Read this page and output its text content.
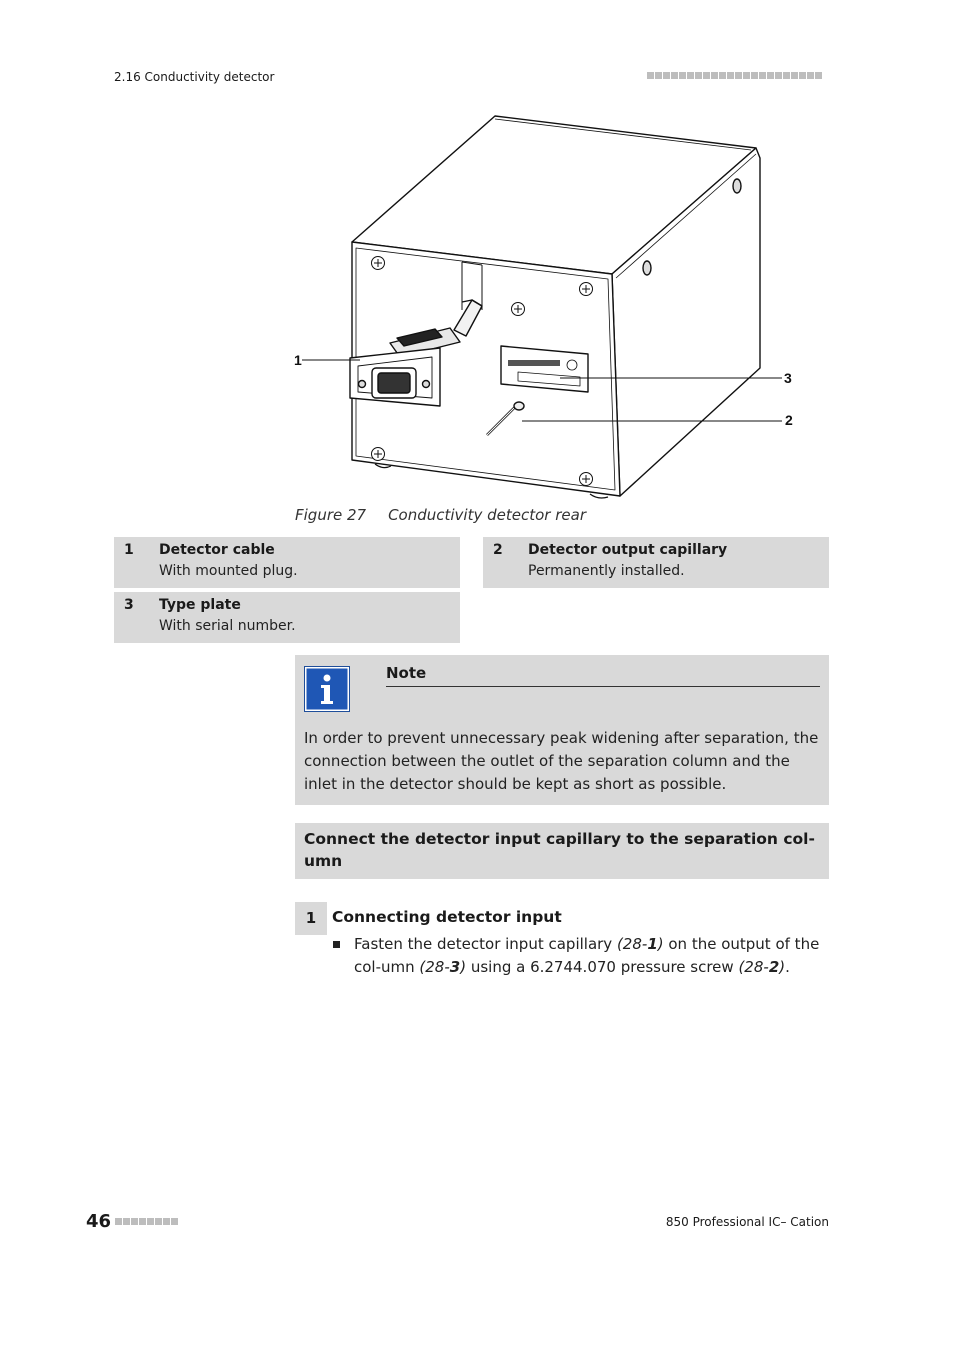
2.16 Conductivity detector
1
2
3
Figure 27 Conductivity detector rear
1 Detector cable
With mounted plug.
2 Detector output capillary
Permanently installed.
3 Type plate
With serial number.
Note
In order to prevent unnecessary peak widening after separation, the connection between the outlet of the separation column and the inlet in the detector should be kept as short as possible.
Connect the detector input capillary to the separation col-umn
1	Connecting detector input
Fasten the detector input capillary (28-1) on the output of the col-umn (28-3) using a 6.2744.070 pressure screw (28-2).
46	850 Professional IC– Cation
